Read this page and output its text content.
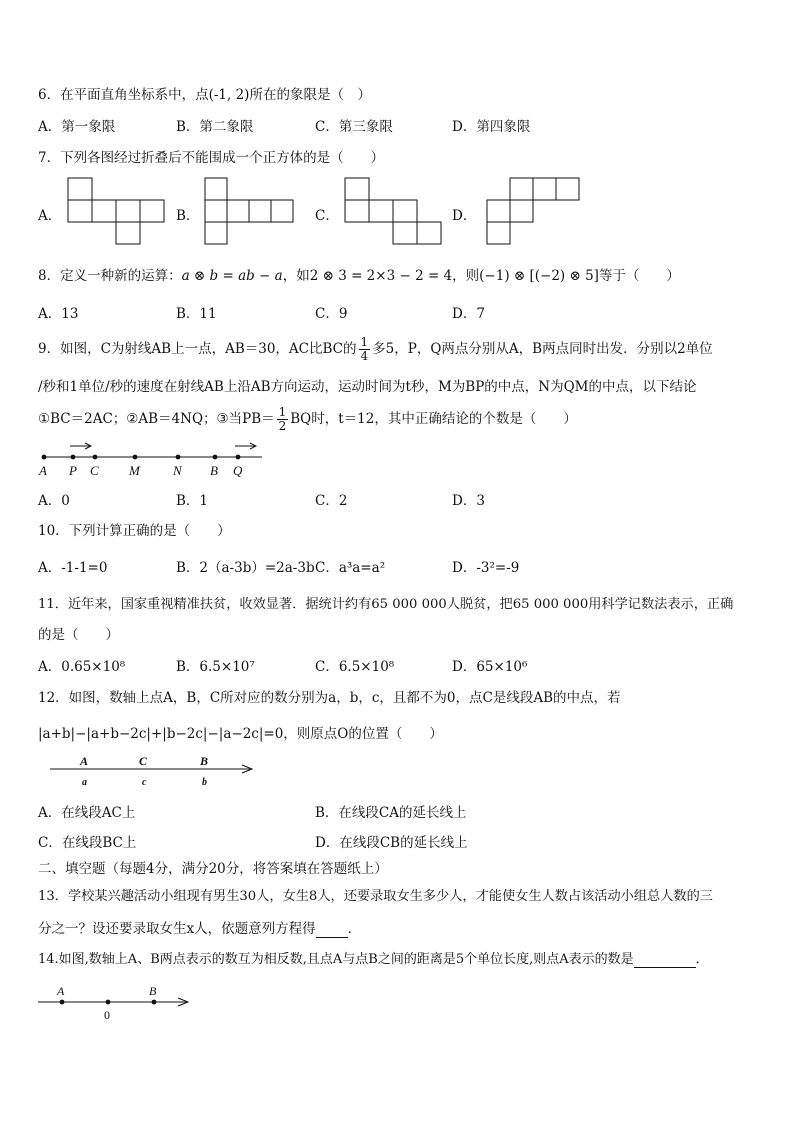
6．在平面直角坐标系中，点(-1, 2)所在的象限是（　）
A．第一象限	B．第二象限	C．第三象限	D．第四象限
7．下列各图经过折叠后不能围成一个正方体的是（　　）
A．	B．	C．	D．
8．定义一种新的运算：a ⊗ b = ab − a，如2 ⊗ 3 = 2×3 − 2 = 4，则(−1) ⊗ [(−2) ⊗ 5]等于（　　）
A．13	B．11	C．9	D．7
9．如图，C为射线AB上一点，AB＝30，AC比BC的 $\frac{1}{4}$ 多5，P，Q两点分别从A，B两点同时出发．分别以2单位
/秒和1单位/秒的速度在射线AB上沿AB方向运动，运动时间为t秒，M为BP的中点，N为QM的中点，以下结论
①BC＝2AC；②AB＝4NQ；③当$PB= \frac{1}{2}$ BQ时，t＝12，其中正确结论的个数是（　　）
A P C M	N B Q
A．0	B．1	C．2	D．3
10．下列计算正确的是（　　）
A．-1-1=0	B．2（a-3b）=2a-3b C．a³a=a²	D．-3²=-9
11．近年来，国家重视精准扶贫，收效显著．据统计约有65 000 000人脱贫，把65 000 000用科学记数法表示，正确
的是（　　）
A．0.65×10⁸	B．6.5×10⁷	C．6.5×10⁸	D．65×10⁶
12．如图，数轴上点A，B，C所对应的数分别为a，b，c，且都不为0，点C是线段AB的中点，若
|a+b|−|a+b−2c|+|b−2c|−|a−2c|=0，则原点O的位置（　　）
A	C	B
a	c	b
A．在线段AC上	B．在线段CA的延长线上
C．在线段BC上	D．在线段CB的延长线上
二、填空题（每题4分，满分20分，将答案填在答题纸上）
13．学校某兴趣活动小组现有男生30人，女生8人，还要录取女生多少人，才能使女生人数占该活动小组总人数的三
分之一？设还要录取女生x人，依题意列方程得 ．
14.如图,数轴上A、B两点表示的数互为相反数,且点A与点B之间的距离是5个单位长度,则点A表示的数是	．
A	B
0
